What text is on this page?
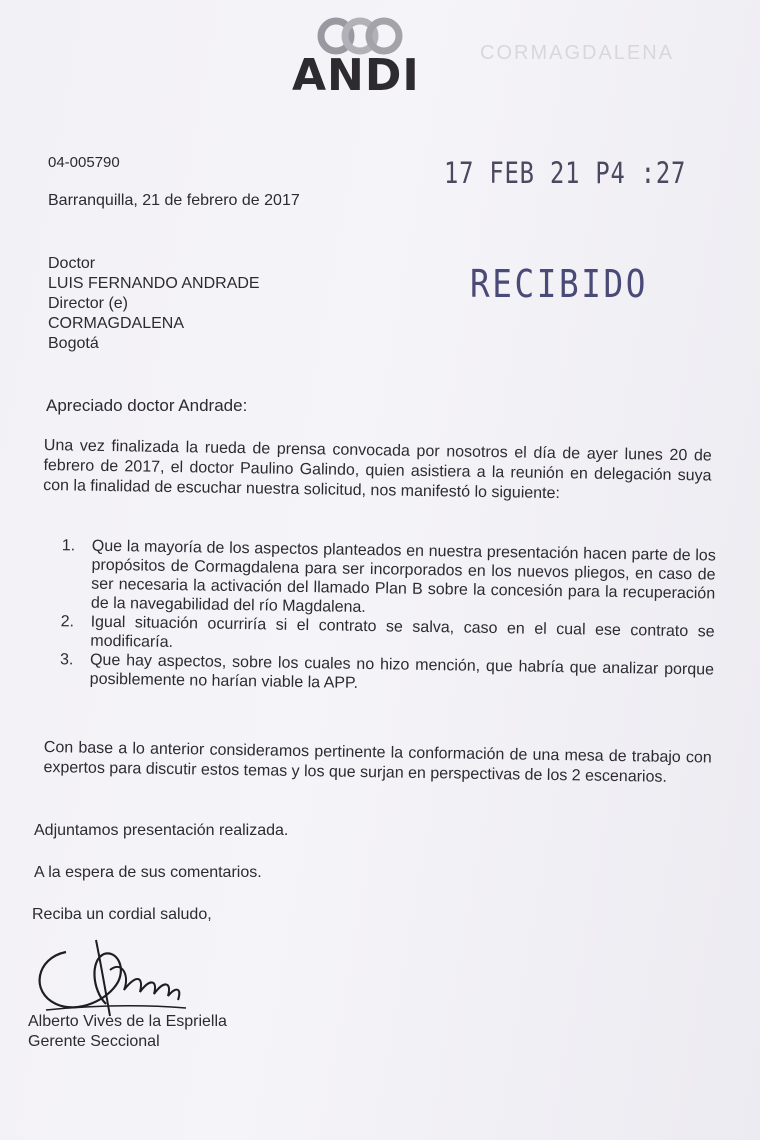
ANDI	CORMAGDALENA
04-005790	17 FEB 21 P4 :27
RECIBIDO
Barranquilla, 21 de febrero de 2017
Doctor
LUIS FERNANDO ANDRADE
Director (e)
CORMAGDALENA
Bogotá
Apreciado doctor Andrade:
Una vez finalizada la rueda de prensa convocada por nosotros el día de ayer lunes 20 de febrero de 2017, el doctor Paulino Galindo, quien asistiera a la reunión en delegación suya con la finalidad de escuchar nuestra solicitud, nos manifestó lo siguiente:
1.	Que la mayoría de los aspectos planteados en nuestra presentación hacen parte de los propósitos de Cormagdalena para ser incorporados en los nuevos pliegos, en caso de ser necesaria la activación del llamado Plan B sobre la concesión para la recuperación de la navegabilidad del río Magdalena.
2.	Igual situación ocurriría si el contrato se salva, caso en el cual ese contrato se modificaría.
3.	Que hay aspectos, sobre los cuales no hizo mención, que habría que analizar porque posiblemente no harían viable la APP.
Con base a lo anterior consideramos pertinente la conformación de una mesa de trabajo con expertos para discutir estos temas y los que surjan en perspectivas de los 2 escenarios.
Adjuntamos presentación realizada.
A la espera de sus comentarios.
Reciba un cordial saludo,
Alberto Vives de la Espriella
Gerente Seccional
